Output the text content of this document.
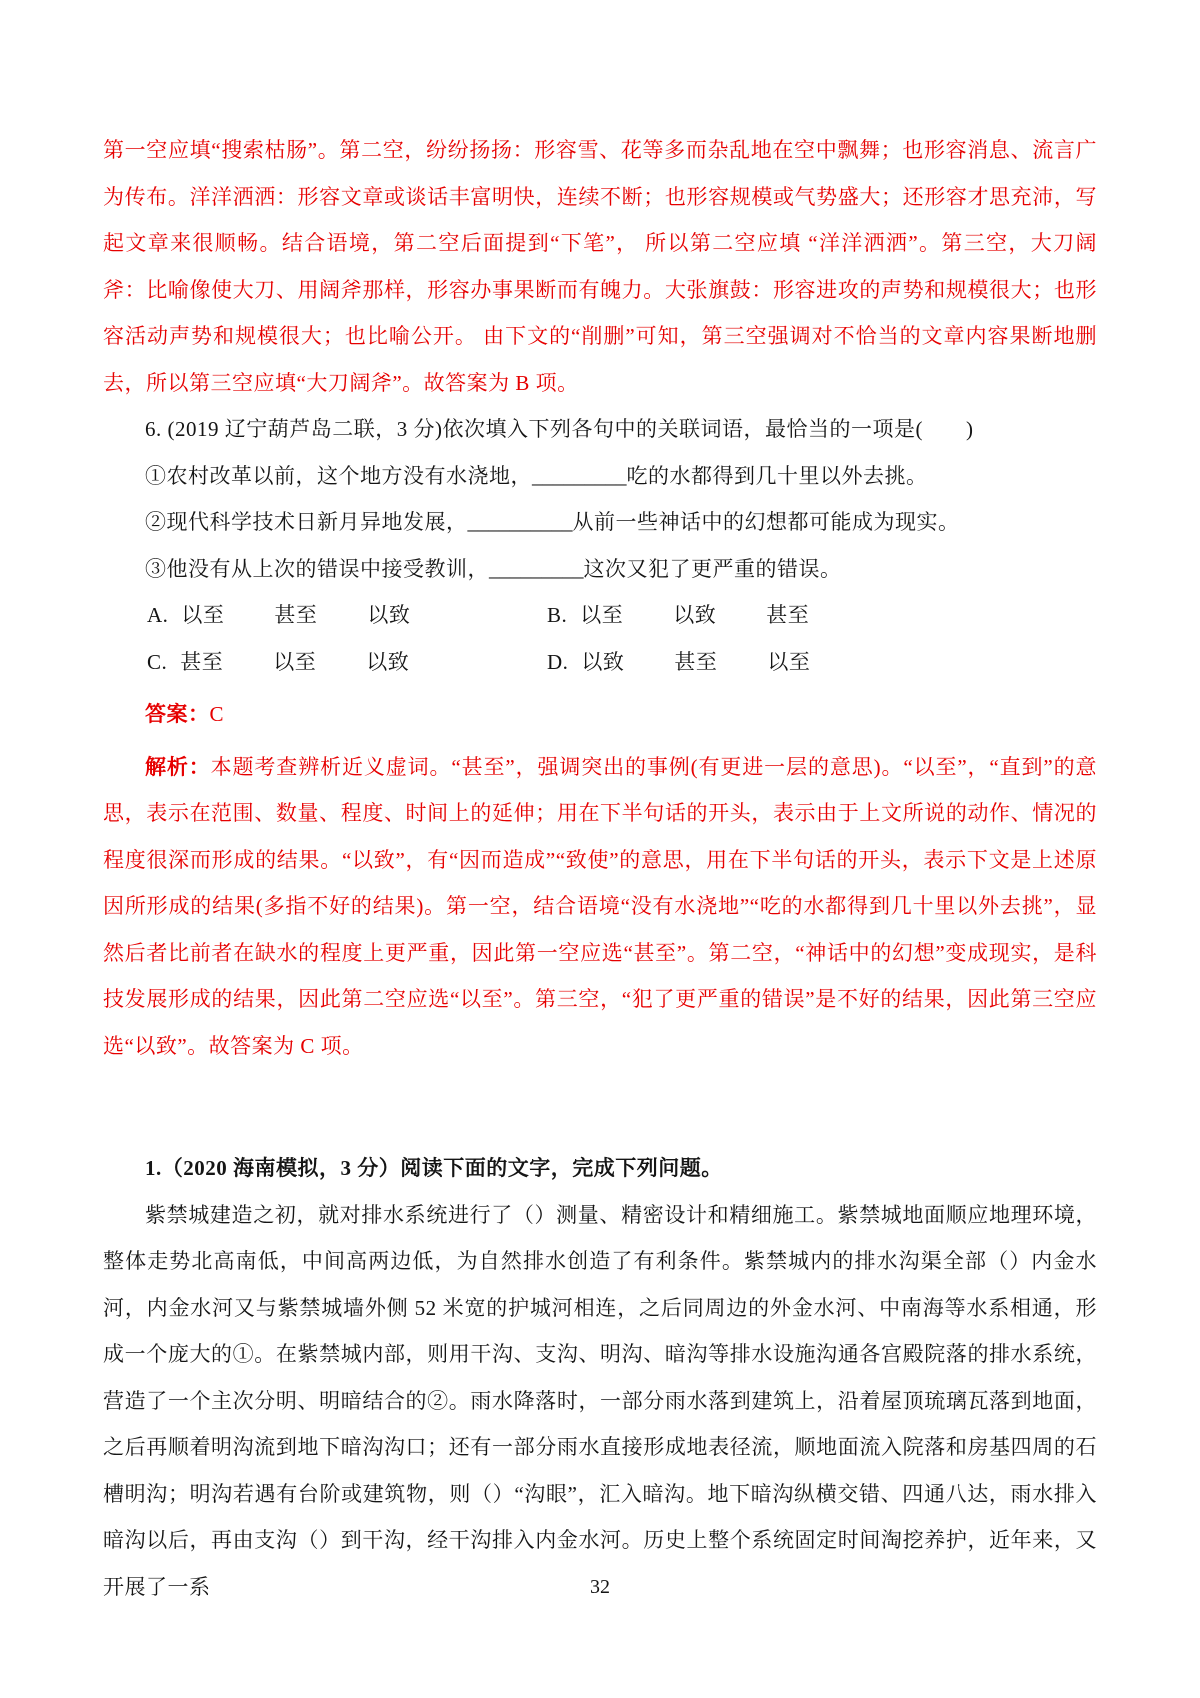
第一空应填“搜索枯肠”。第二空，纷纷扬扬：形容雪、花等多而杂乱地在空中飘舞；也形容消息、流言广为传布。洋洋洒洒：形容文章或谈话丰富明快，连续不断；也形容规模或气势盛大；还形容才思充沛，写起文章来很顺畅。结合语境，第二空后面提到“下笔”， 所以第二空应填 “洋洋洒洒”。第三空，大刀阔斧：比喻像使大刀、用阔斧那样，形容办事果断而有魄力。大张旗鼓：形容进攻的声势和规模很大；也形容活动声势和规模很大；也比喻公开。 由下文的“削删”可知，第三空强调对不恰当的文章内容果断地删去，所以第三空应填“大刀阔斧”。故答案为 B 项。

6. (2019 辽宁葫芦岛二联，3 分)依次填入下列各句中的关联词语，最恰当的一项是(　　)

①农村改革以前，这个地方没有水浇地，_________吃的水都得到几十里以外去挑。

②现代科学技术日新月异地发展，__________从前一些神话中的幻想都可能成为现实。

③他没有从上次的错误中接受教训，_________这次又犯了更严重的错误。

A. 以至 甚至 以致	B. 以至 以致 甚至
C. 甚至 以至 以致	D. 以致 甚至 以至

答案：C

解析：本题考查辨析近义虚词。“甚至”，强调突出的事例(有更进一层的意思)。“以至”，“直到”的意思，表示在范围、数量、程度、时间上的延伸；用在下半句话的开头，表示由于上文所说的动作、情况的程度很深而形成的结果。“以致”，有“因而造成”“致使”的意思，用在下半句话的开头，表示下文是上述原因所形成的结果(多指不好的结果)。第一空，结合语境“没有水浇地”“吃的水都得到几十里以外去挑”，显然后者比前者在缺水的程度上更严重，因此第一空应选“甚至”。第二空，“神话中的幻想”变成现实，是科技发展形成的结果，因此第二空应选“以至”。第三空，“犯了更严重的错误”是不好的结果，因此第三空应选“以致”。故答案为 C 项。

1.（2020 海南模拟，3 分）阅读下面的文字，完成下列问题。

紫禁城建造之初，就对排水系统进行了（）测量、精密设计和精细施工。紫禁城地面顺应地理环境，整体走势北高南低，中间高两边低，为自然排水创造了有利条件。紫禁城内的排水沟渠全部（）内金水河，内金水河又与紫禁城墙外侧 52 米宽的护城河相连，之后同周边的外金水河、中南海等水系相通，形成一个庞大的①。在紫禁城内部，则用干沟、支沟、明沟、暗沟等排水设施沟通各宫殿院落的排水系统，营造了一个主次分明、明暗结合的②。雨水降落时，一部分雨水落到建筑上，沿着屋顶琉璃瓦落到地面，之后再顺着明沟流到地下暗沟沟口；还有一部分雨水直接形成地表径流，顺地面流入院落和房基四周的石槽明沟；明沟若遇有台阶或建筑物，则（）“沟眼”，汇入暗沟。地下暗沟纵横交错、四通八达，雨水排入暗沟以后，再由支沟（）到干沟，经干沟排入内金水河。历史上整个系统固定时间淘挖养护，近年来，又开展了一系	32
